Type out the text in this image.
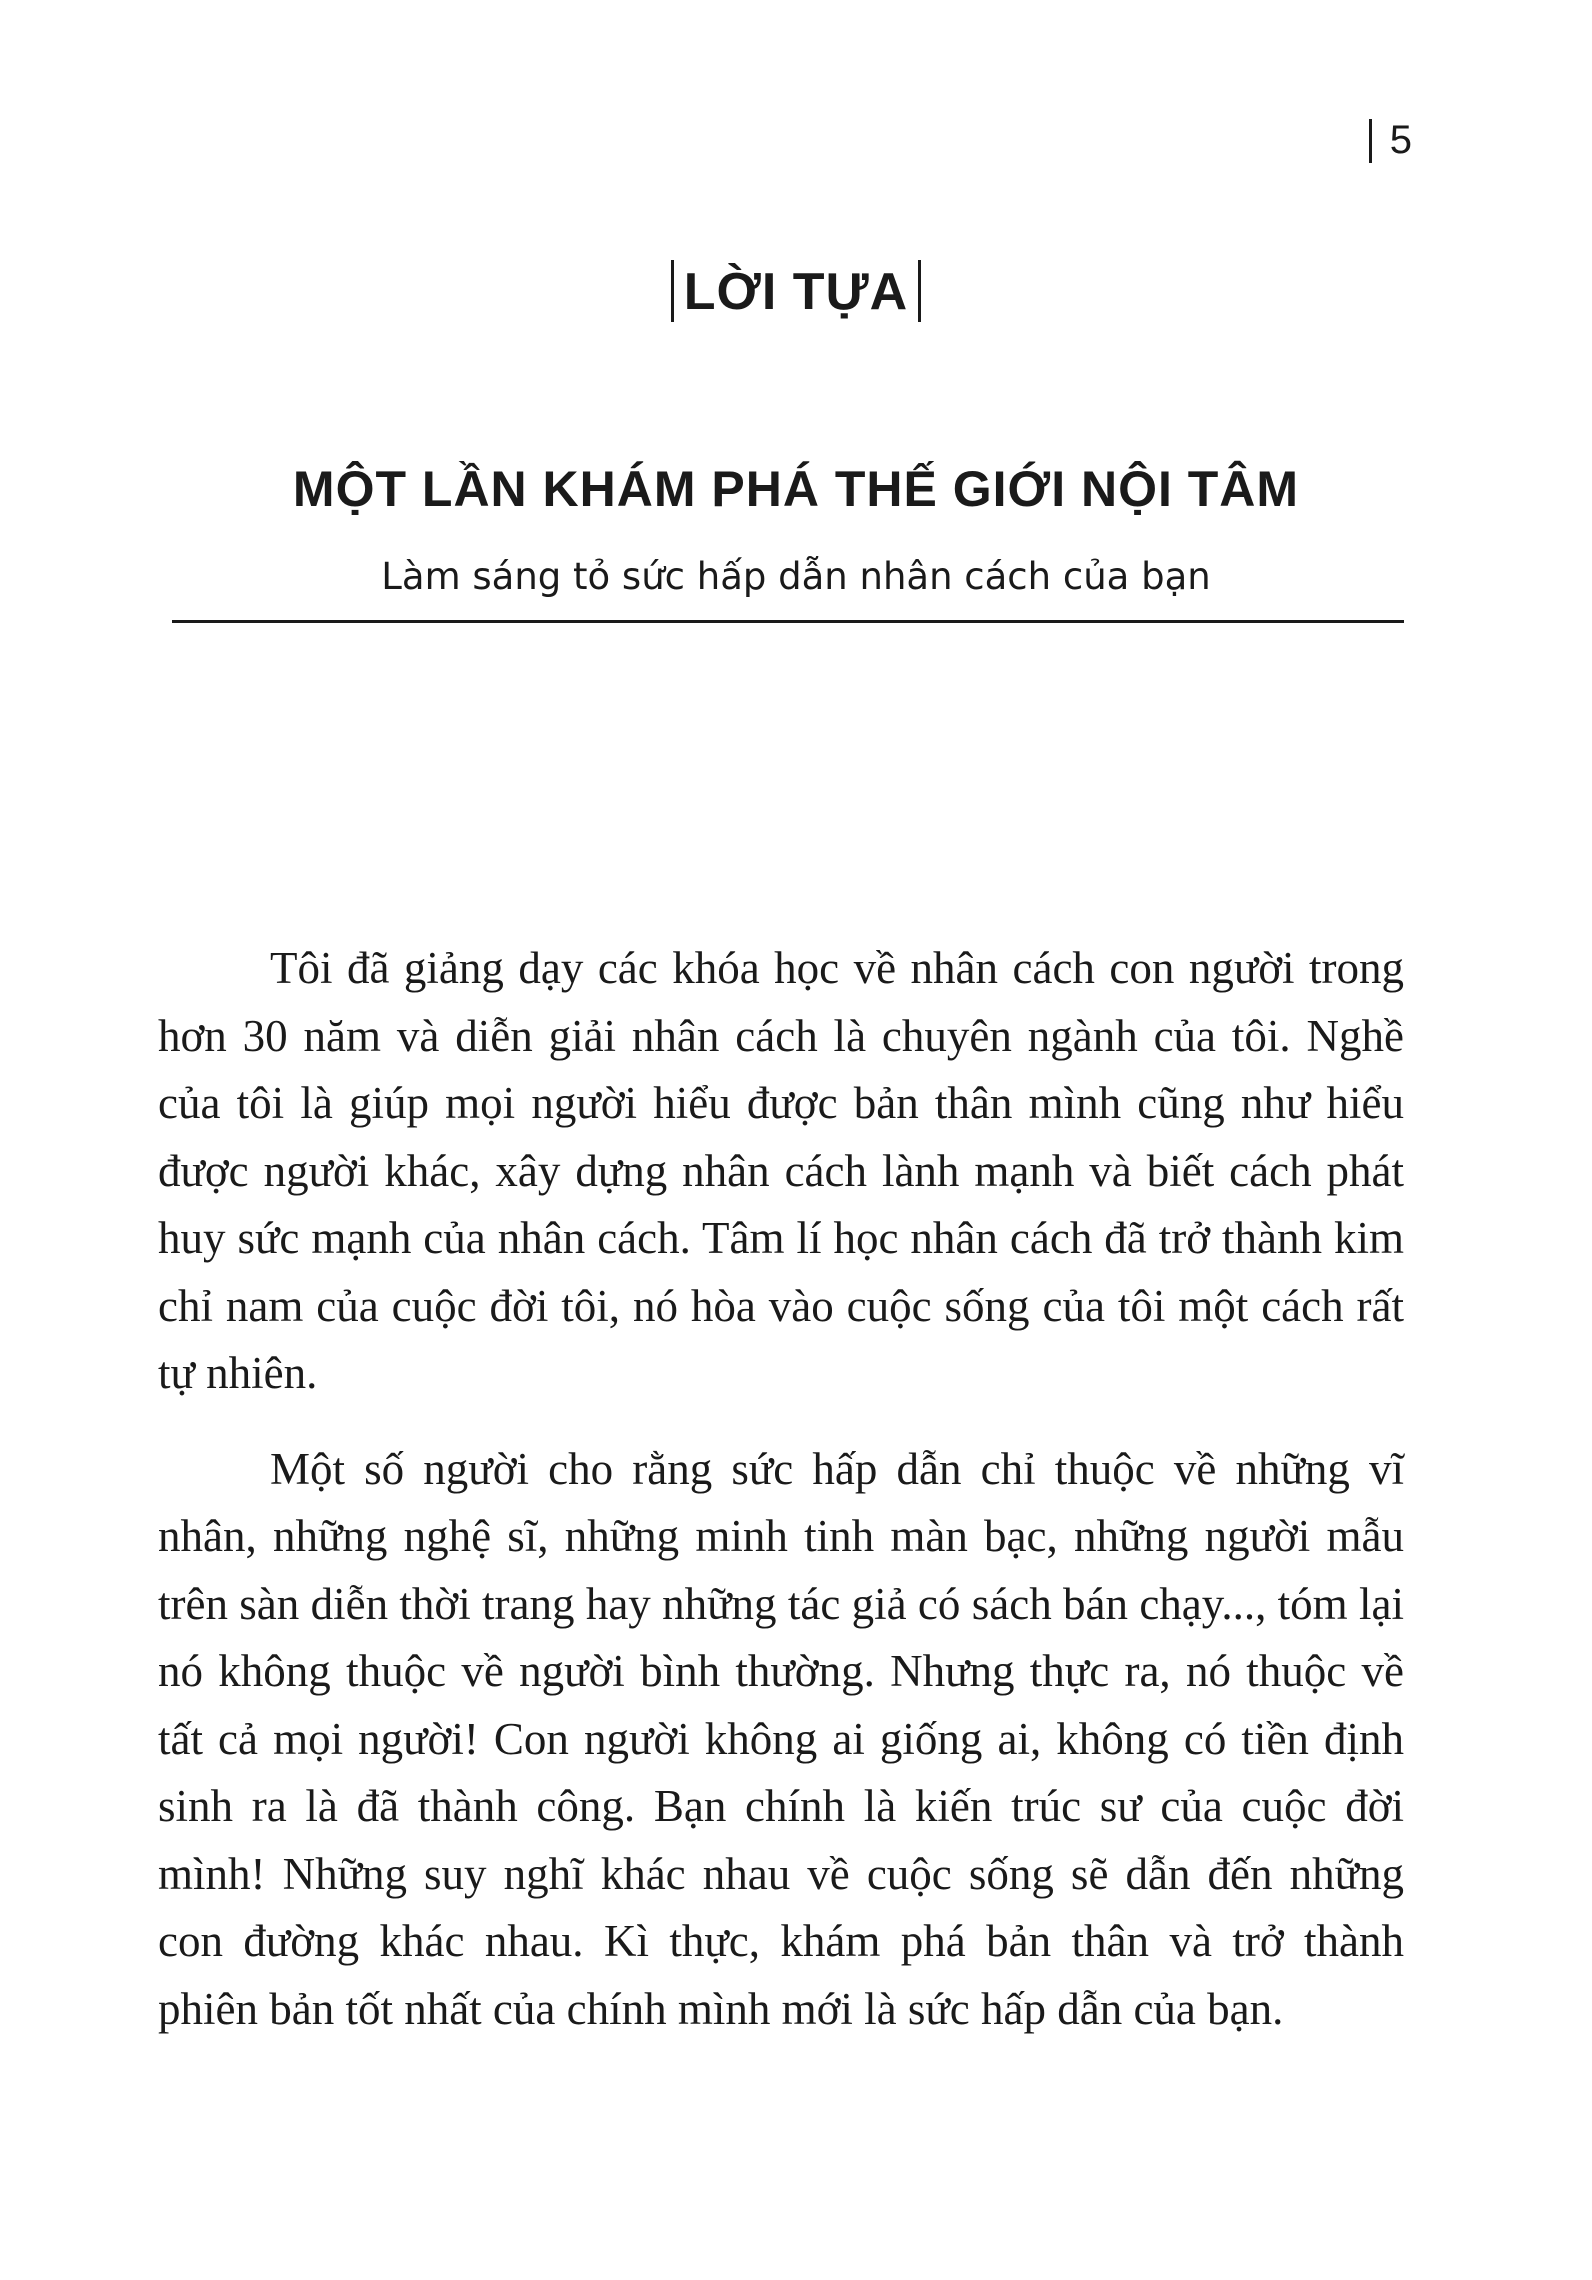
5
LỜI TỰA
MỘT LẦN KHÁM PHÁ THẾ GIỚI NỘI TÂM
Làm sáng tỏ sức hấp dẫn nhân cách của bạn

Tôi đã giảng dạy các khóa học về nhân cách con người trong hơn 30 năm và diễn giải nhân cách là chuyên ngành của tôi. Nghề của tôi là giúp mọi người hiểu được bản thân mình cũng như hiểu được người khác, xây dựng nhân cách lành mạnh và biết cách phát huy sức mạnh của nhân cách. Tâm lí học nhân cách đã trở thành kim chỉ nam của cuộc đời tôi, nó hòa vào cuộc sống của tôi một cách rất tự nhiên.

Một số người cho rằng sức hấp dẫn chỉ thuộc về những vĩ nhân, những nghệ sĩ, những minh tinh màn bạc, những người mẫu trên sàn diễn thời trang hay những tác giả có sách bán chạy..., tóm lại nó không thuộc về người bình thường. Nhưng thực ra, nó thuộc về tất cả mọi người! Con người không ai giống ai, không có tiền định sinh ra là đã thành công. Bạn chính là kiến trúc sư của cuộc đời mình! Những suy nghĩ khác nhau về cuộc sống sẽ dẫn đến những con đường khác nhau. Kì thực, khám phá bản thân và trở thành phiên bản tốt nhất của chính mình mới là sức hấp dẫn của bạn.
